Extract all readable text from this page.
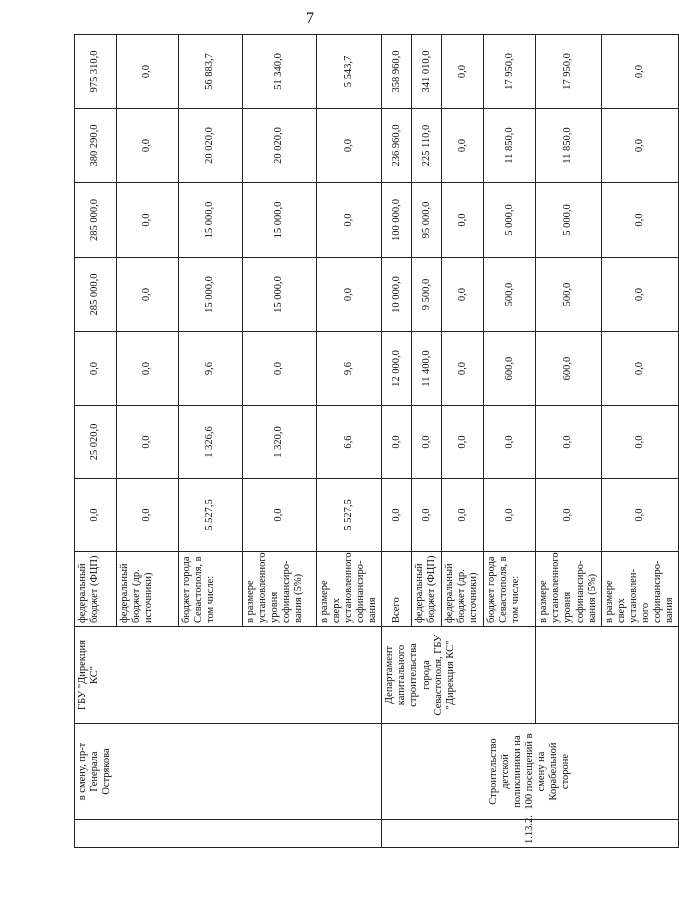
7
	в смену, пр-т Генерала Острякова	ГБУ "Дирекция КС"	федеральный бюджет (ФЦП)	0,0	25 020,0	0,0	285 000,0	285 000,0	380 290,0	975 310,0
			федеральный бюджет (др. источники)	0,0	0,0	0,0	0,0	0,0	0,0	0,0
			бюджет города Севастополя, в том числе:	5 527,5	1 326,6	9,6	15 000,0	15 000,0	20 020,0	56 883,7
			в размере установленного уровня софинансиро-вания (5%)	0,0	1 320,0	0,0	15 000,0	15 000,0	20 020,0	51 340,0
			в размере сверх установленного софинансиро-вания	5 527,5	6,6	9,6	0,0	0,0	0,0	5 543,7
1.13.2.	Строительство детской поликлиники на 100 посещений в смену на Корабельной стороне	Департамент капитального строительства города Севастополя, ГБУ "Дирекция КС"	Всего	0,0	0,0	12 000,0	10 000,0	100 000,0	236 960,0	358 960,0
			федеральный бюджет (ФЦП)	0,0	0,0	11 400,0	9 500,0	95 000,0	225 110,0	341 010,0
			федеральный бюджет (др. источники)	0,0	0,0	0,0	0,0	0,0	0,0	0,0
			бюджет города Севастополя, в том числе:	0,0	0,0	600,0	500,0	5 000,0	11 850,0	17 950,0
			в размере установленного уровня софинансиро-вания (5%)	0,0	0,0	600,0	500,0	5 000,0	11 850,0	17 950,0
			в размере сверх установлен-ного софинансиро-вания	0,0	0,0	0,0	0,0	0,0	0,0	0,0
